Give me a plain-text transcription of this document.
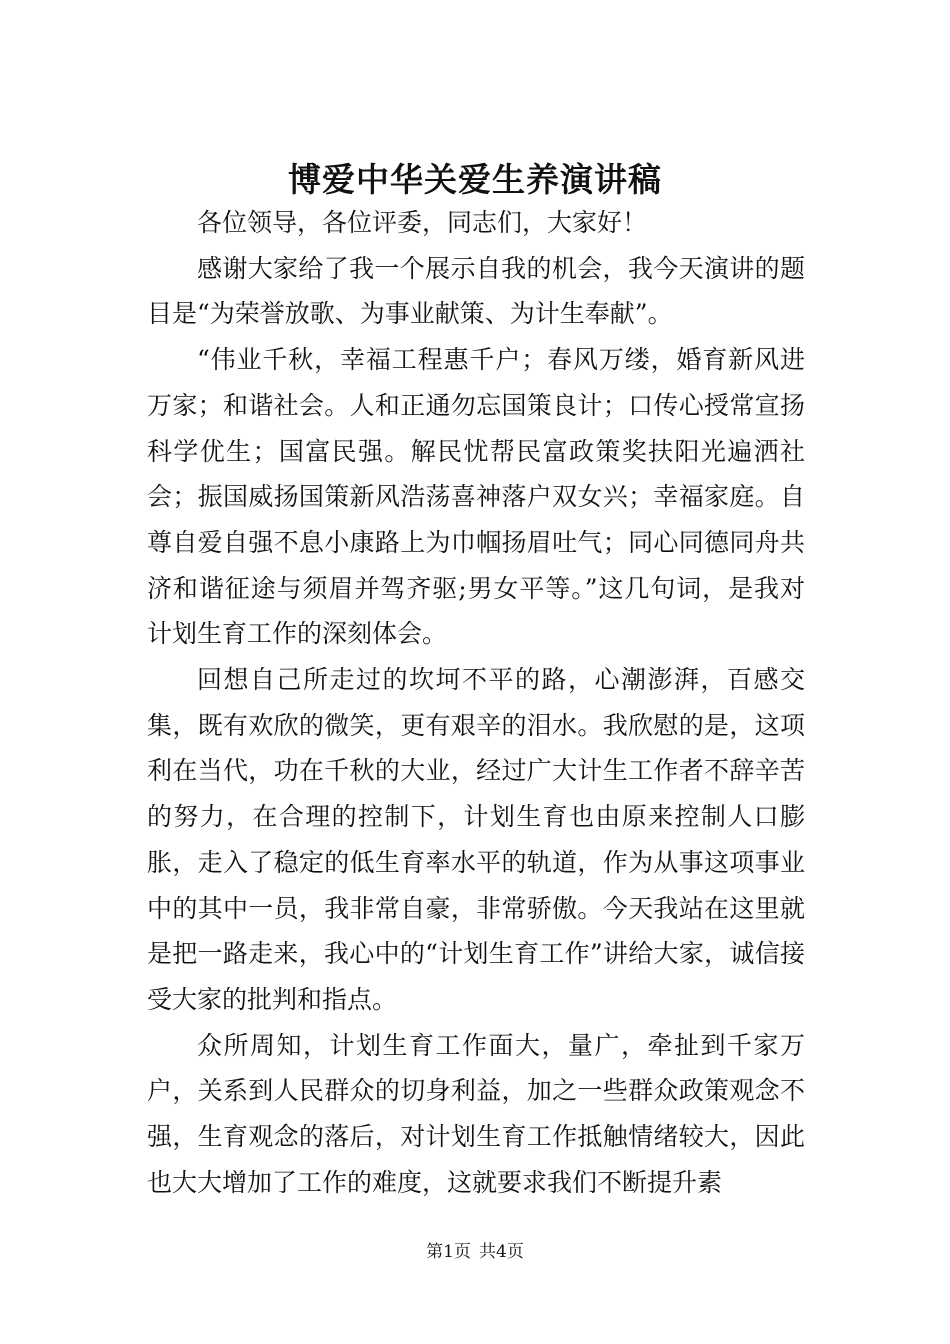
博爱中华关爱生养演讲稿

各位领导，各位评委，同志们，大家好！

感谢大家给了我一个展示自我的机会，我今天演讲的题目是“为荣誉放歌、为事业献策、为计生奉献”。

“伟业千秋，幸福工程惠千户；春风万缕，婚育新风进万家；和谐社会。人和正通勿忘国策良计；口传心授常宣扬科学优生；国富民强。解民忧帮民富政策奖扶阳光遍洒社会；振国威扬国策新风浩荡喜神落户双女兴；幸福家庭。自尊自爱自强不息小康路上为巾帼扬眉吐气；同心同德同舟共济和谐征途与须眉并驾齐驱;男女平等。”这几句词，是我对计划生育工作的深刻体会。

回想自己所走过的坎坷不平的路，心潮澎湃，百感交集，既有欢欣的微笑，更有艰辛的泪水。我欣慰的是，这项利在当代，功在千秋的大业，经过广大计生工作者不辞辛苦的努力，在合理的控制下，计划生育也由原来控制人口膨胀，走入了稳定的低生育率水平的轨道，作为从事这项事业中的其中一员，我非常自豪，非常骄傲。今天我站在这里就是把一路走来，我心中的“计划生育工作”讲给大家，诚信接受大家的批判和指点。

众所周知，计划生育工作面大，量广，牵扯到千家万户，关系到人民群众的切身利益，加之一些群众政策观念不强，生育观念的落后，对计划生育工作抵触情绪较大，因此也大大增加了工作的难度，这就要求我们不断提升素

第1页 共4页
